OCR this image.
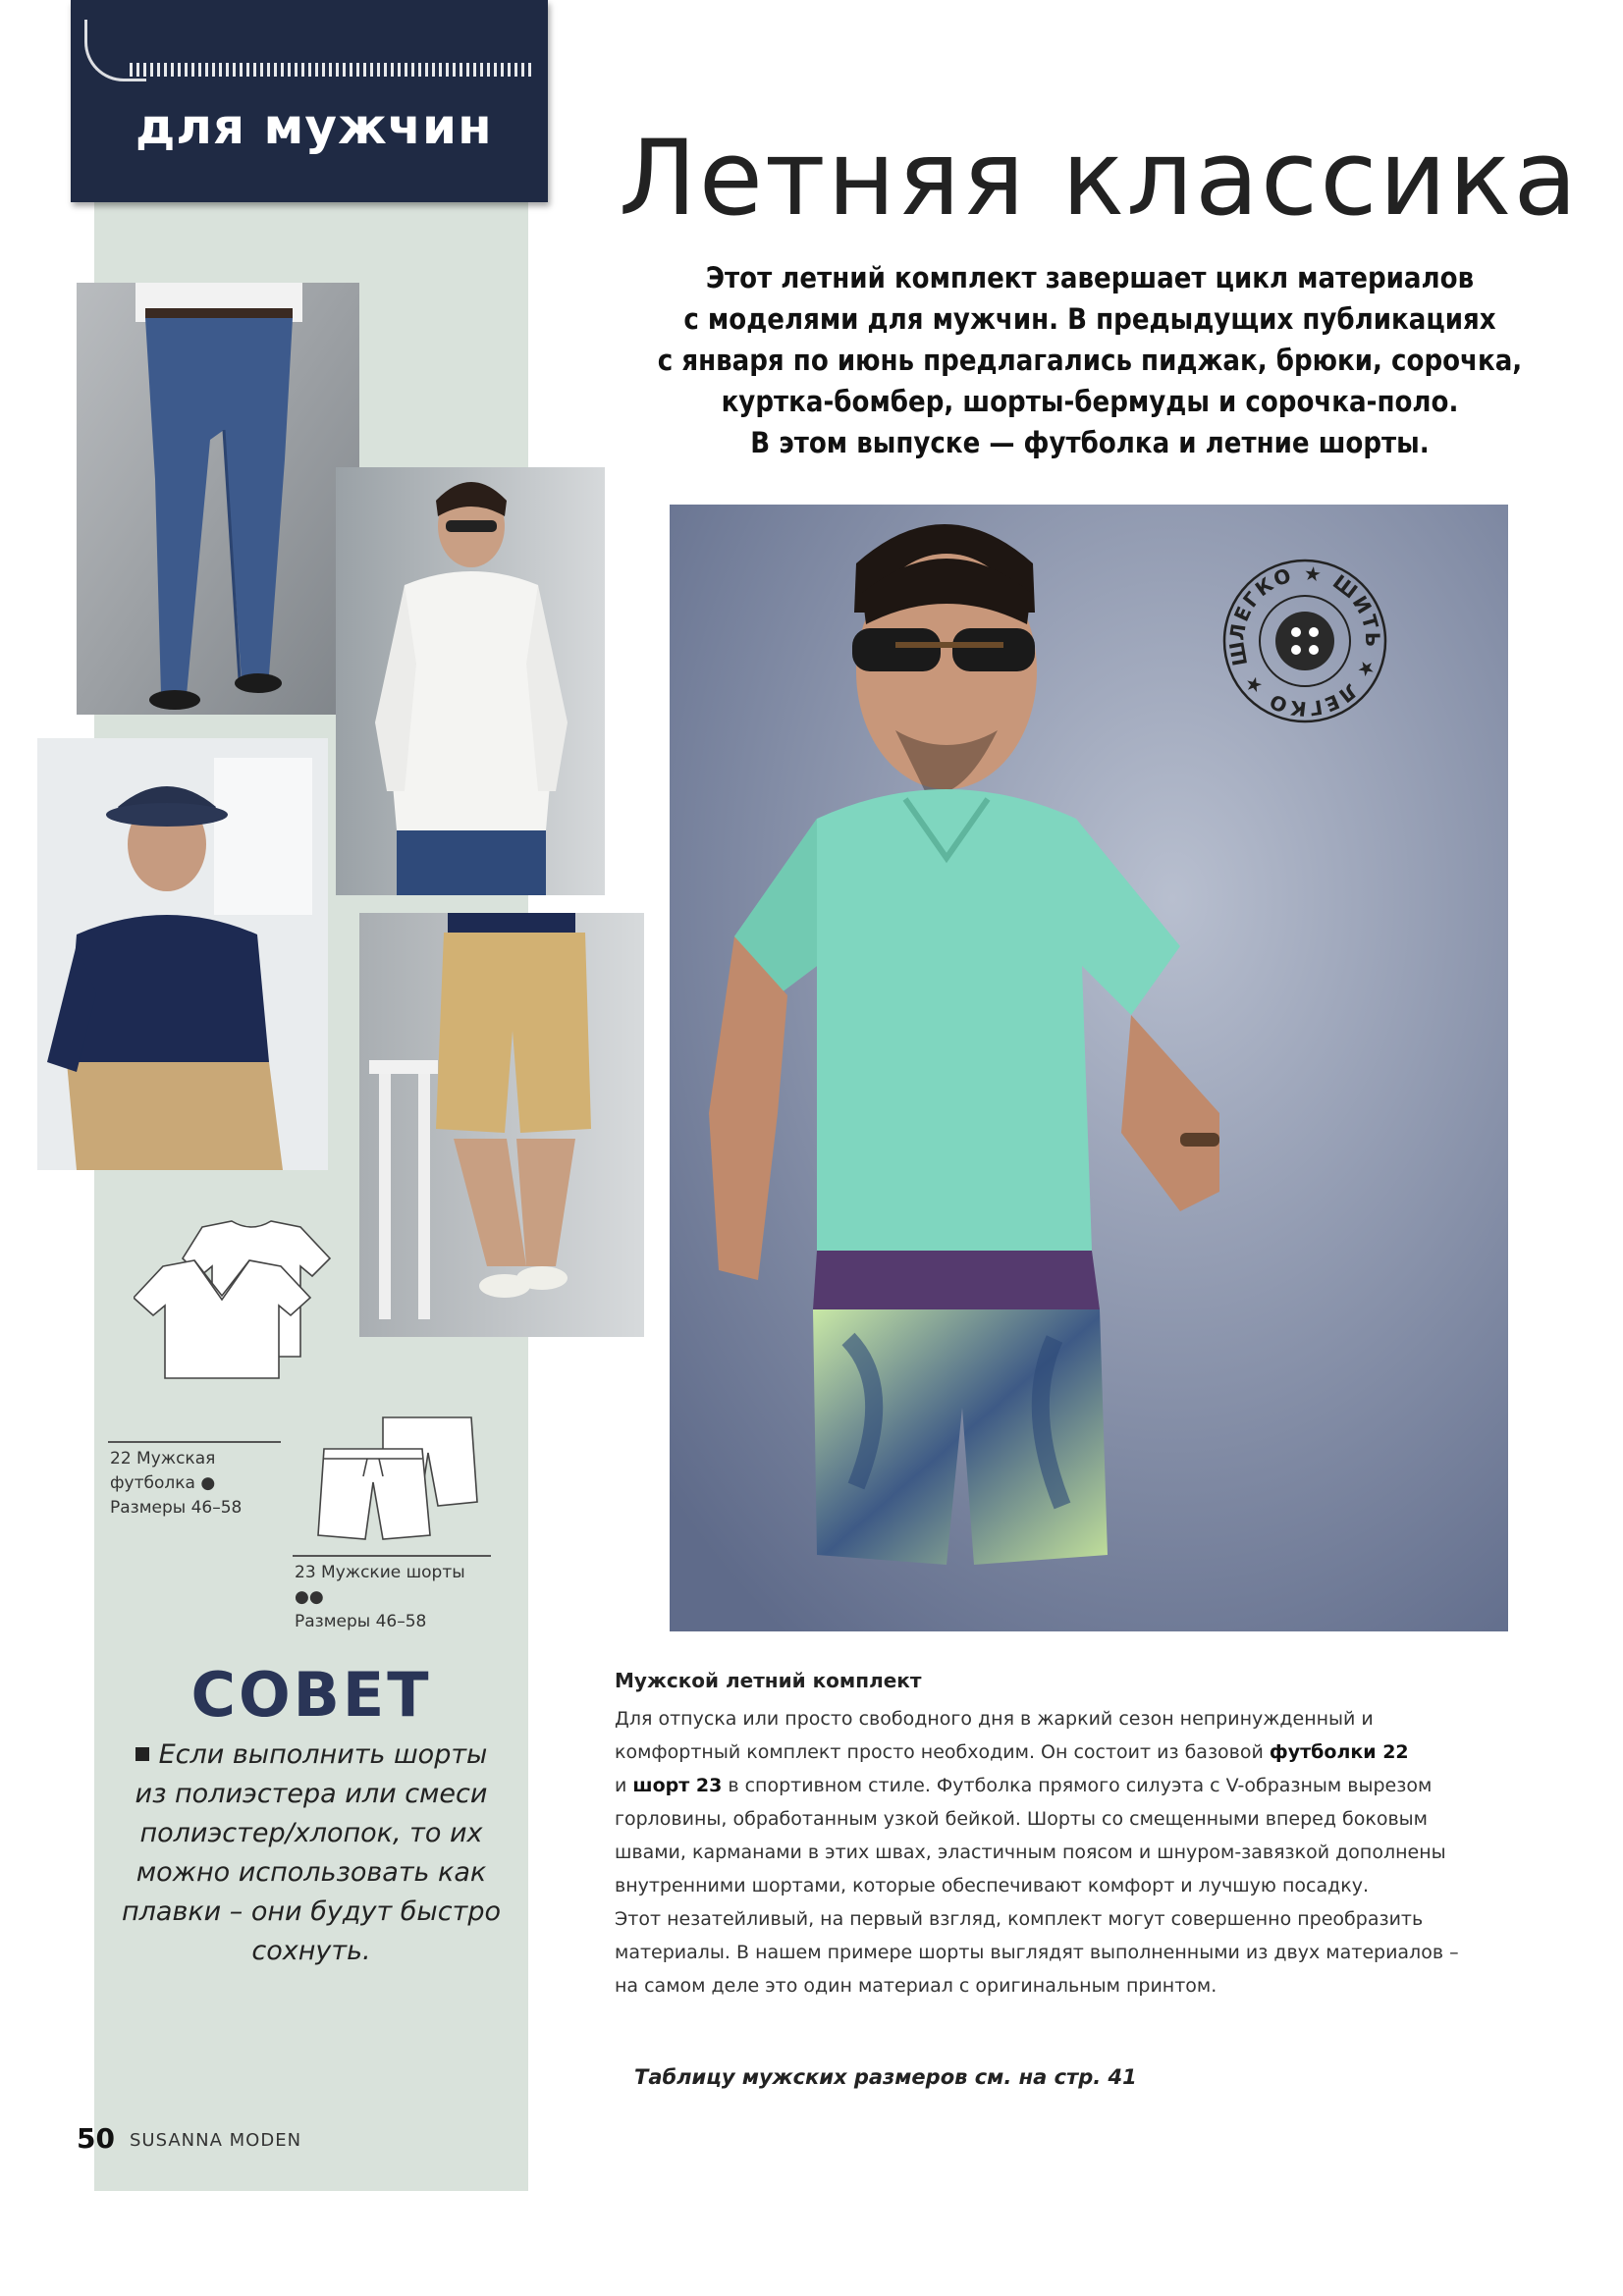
для мужчин	Летняя классика
Этот летний комплект завершает цикл материалов
с моделями для мужчин. В предыдущих публикациях
с января по июнь предлагались пиджак, брюки, сорочка,
куртка-бомбер, шорты-бермуды и сорочка-поло.
В этом выпуске — футболка и летние шорты.
ЛЕГКО ★ ШИТЬ ★ ЛЕГКО ★ Ш
22 Мужская
футболка ●
Размеры 46–58
23 Мужские шорты
●●
Размеры 46–58
СОВЕТ
Если выполнить шорты
из полиэстера или смеси
полиэстер/хлопок, то их
можно использовать как
плавки – они будут быстро
сохнуть.
Мужской летний комплект
Для отпуска или просто свободного дня в жаркий сезон непринужденный и
комфортный комплект просто необходим. Он состоит из базовой футболки 22
и шорт 23 в спортивном стиле. Футболка прямого силуэта с V-образным вырезом
горловины, обработанным узкой бейкой. Шорты со смещенными вперед боковым
швами, карманами в этих швах, эластичным поясом и шнуром-завязкой дополнены
внутренними шортами, которые обеспечивают комфорт и лучшую посадку.
Этот незатейливый, на первый взгляд, комплект могут совершенно преобразить
материалы. В нашем примере шорты выглядят выполненными из двух материалов –
на самом деле это один материал с оригинальным принтом.
Таблицу мужских размеров см. на стр. 41
50 SUSANNA MODEN
